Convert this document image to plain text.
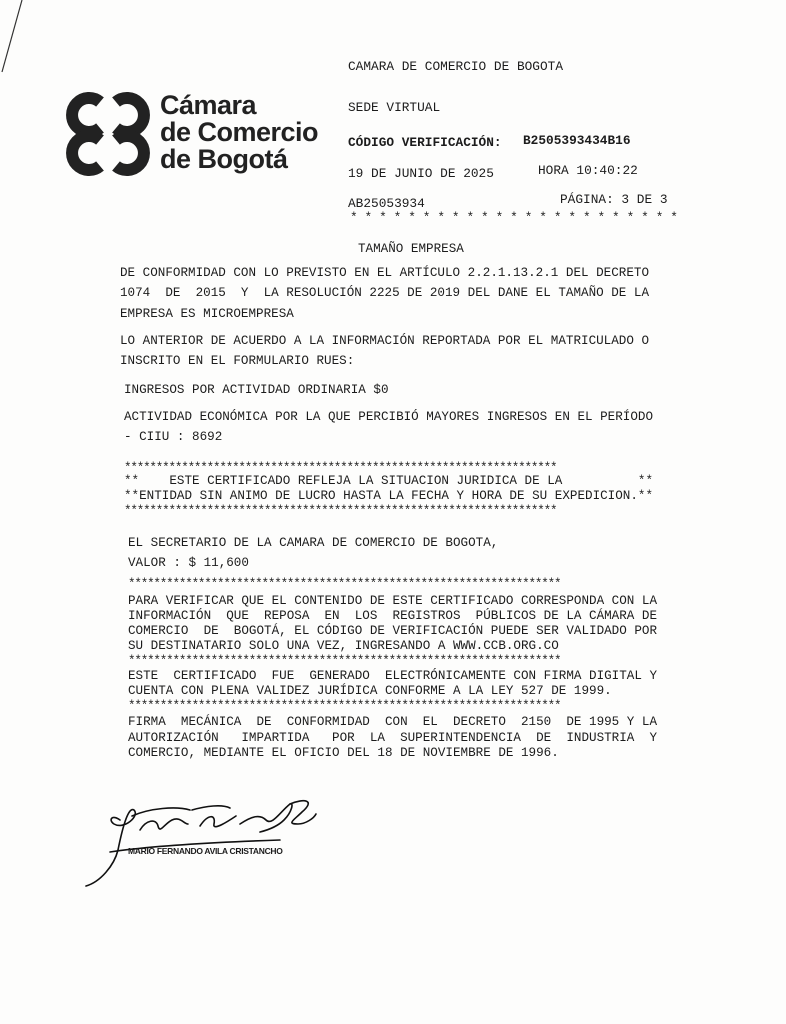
Cámara
de Comercio
de Bogotá
CAMARA DE COMERCIO DE BOGOTA
SEDE VIRTUAL
CÓDIGO VERIFICACIÓN: B2505393434B16
19 DE JUNIO DE 2025	HORA 10:40:22
AB25053934	PÁGINA: 3 DE 3
* * * * * * * * * * * * * * * * * * * * * * *
TAMAÑO EMPRESA
DE CONFORMIDAD CON LO PREVISTO EN EL ARTÍCULO 2.2.1.13.2.1 DEL DECRETO
1074  DE  2015  Y  LA RESOLUCIÓN 2225 DE 2019 DEL DANE EL TAMAÑO DE LA
EMPRESA ES MICROEMPRESA
LO ANTERIOR DE ACUERDO A LA INFORMACIÓN REPORTADA POR EL MATRICULADO O
INSCRITO EN EL FORMULARIO RUES:
INGRESOS POR ACTIVIDAD ORDINARIA $0
ACTIVIDAD ECONÓMICA POR LA QUE PERCIBIÓ MAYORES INGRESOS EN EL PERÍODO
- CIIU : 8692
********************************************************************
**    ESTE CERTIFICADO REFLEJA LA SITUACION JURIDICA DE LA          **
**ENTIDAD SIN ANIMO DE LUCRO HASTA LA FECHA Y HORA DE SU EXPEDICION.**
********************************************************************
EL SECRETARIO DE LA CAMARA DE COMERCIO DE BOGOTA,
VALOR : $ 11,600
********************************************************************
PARA VERIFICAR QUE EL CONTENIDO DE ESTE CERTIFICADO CORRESPONDA CON LA
INFORMACIÓN  QUE  REPOSA  EN  LOS  REGISTROS  PÚBLICOS DE LA CÁMARA DE
COMERCIO  DE  BOGOTÁ, EL CÓDIGO DE VERIFICACIÓN PUEDE SER VALIDADO POR
SU DESTINATARIO SOLO UNA VEZ, INGRESANDO A WWW.CCB.ORG.CO
********************************************************************
ESTE  CERTIFICADO  FUE  GENERADO  ELECTRÓNICAMENTE CON FIRMA DIGITAL Y
CUENTA CON PLENA VALIDEZ JURÍDICA CONFORME A LA LEY 527 DE 1999.
********************************************************************
FIRMA  MECÁNICA  DE  CONFORMIDAD  CON  EL  DECRETO  2150  DE 1995 Y LA
AUTORIZACIÓN   IMPARTIDA   POR  LA  SUPERINTENDENCIA  DE  INDUSTRIA  Y
COMERCIO, MEDIANTE EL OFICIO DEL 18 DE NOVIEMBRE DE 1996.
MARIO FERNANDO AVILA CRISTANCHO
